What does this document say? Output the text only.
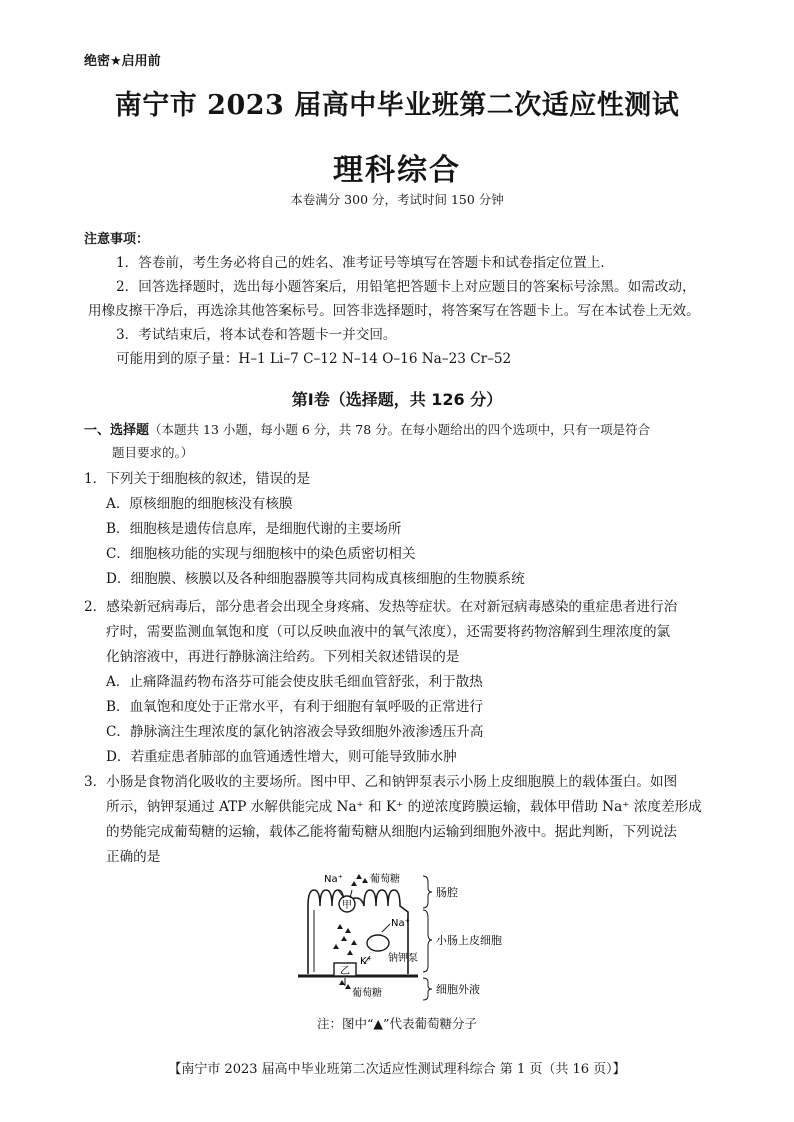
绝密★启用前
南宁市 2023 届高中毕业班第二次适应性测试
理科综合
本卷满分 300 分，考试时间 150 分钟
注意事项：
1．答卷前，考生务必将自己的姓名、准考证号等填写在答题卡和试卷指定位置上．
2．回答选择题时，选出每小题答案后，用铅笔把答题卡上对应题目的答案标号涂黑。如需改动，
用橡皮擦干净后，再选涂其他答案标号。回答非选择题时，将答案写在答题卡上。写在本试卷上无效。
3．考试结束后，将本试卷和答题卡一并交回。
可能用到的原子量：H–1 Li–7 C–12 N–14 O–16 Na–23 Cr–52
第Ⅰ卷（选择题，共 126 分）
一、选择题（本题共 13 小题，每小题 6 分，共 78 分。在每小题给出的四个选项中，只有一项是符合
题目要求的。）
1．下列关于细胞核的叙述，错误的是
A．原核细胞的细胞核没有核膜
B．细胞核是遗传信息库，是细胞代谢的主要场所
C．细胞核功能的实现与细胞核中的染色质密切相关
D．细胞膜、核膜以及各种细胞器膜等共同构成真核细胞的生物膜系统
2．感染新冠病毒后，部分患者会出现全身疼痛、发热等症状。在对新冠病毒感染的重症患者进行治
疗时，需要监测血氧饱和度（可以反映血液中的氧气浓度），还需要将药物溶解到生理浓度的氯
化钠溶液中，再进行静脉滴注给药。下列相关叙述错误的是
A．止痛降温药物布洛芬可能会使皮肤毛细血管舒张，利于散热
B．血氧饱和度处于正常水平，有利于细胞有氧呼吸的正常进行
C．静脉滴注生理浓度的氯化钠溶液会导致细胞外液渗透压升高
D．若重症患者肺部的血管通透性增大，则可能导致肺水肿
3．小肠是食物消化吸收的主要场所。图中甲、乙和钠钾泵表示小肠上皮细胞膜上的载体蛋白。如图
所示，钠钾泵通过 ATP 水解供能完成 Na⁺ 和 K⁺ 的逆浓度跨膜运输，载体甲借助 Na⁺ 浓度差形成
的势能完成葡萄糖的运输，载体乙能将葡萄糖从细胞内运输到细胞外液中。据此判断，下列说法
正确的是
甲
乙
Na⁺	葡萄糖
Na⁺
K⁺ 钠钾泵
葡萄糖
肠腔
小肠上皮细胞
细胞外液
注：图中“▲”代表葡萄糖分子
【南宁市 2023 届高中毕业班第二次适应性测试理科综合 第 1 页（共 16 页）】
